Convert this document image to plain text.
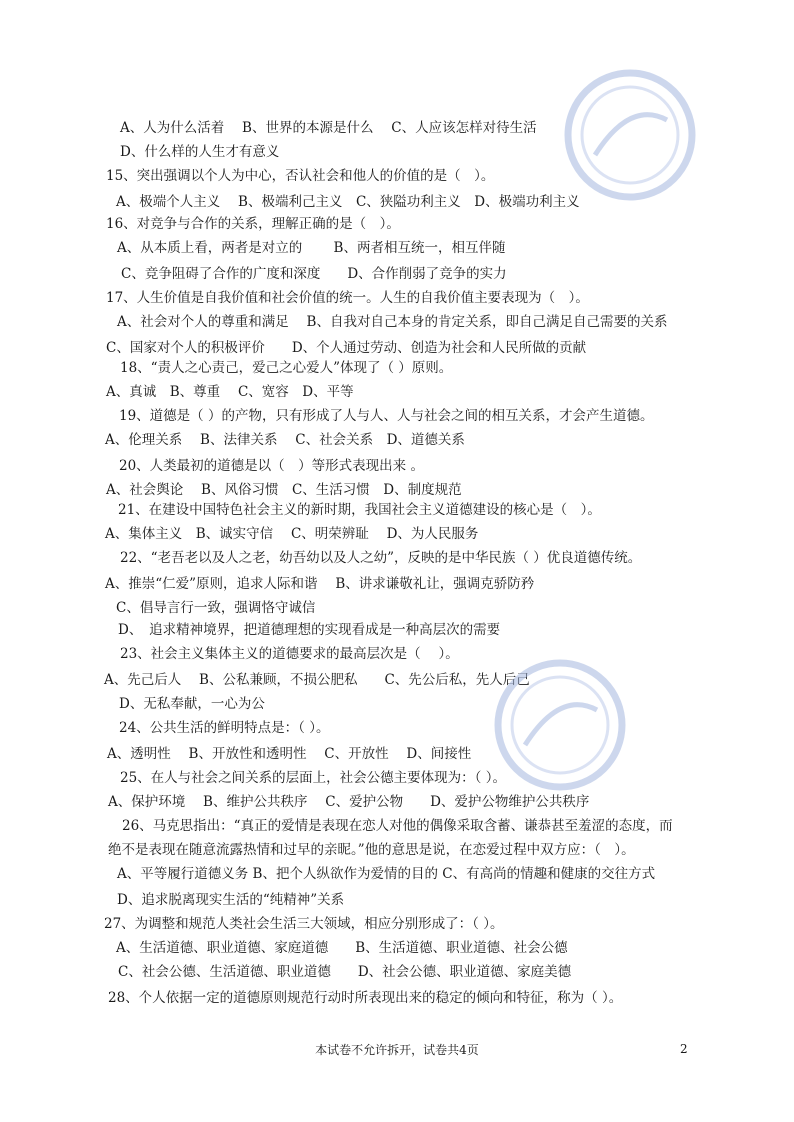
A、人为什么活着　 B、世界的本源是什么　 C、人应该怎样对待生活
D、什么样的人生才有意义
15、突出强调以个人为中心，否认社会和他人的价值的是（　）。
A、极端个人主义　 B、极端利己主义　C、狭隘功利主义　D、极端功利主义
16、对竞争与合作的关系，理解正确的是（　）。
A、从本质上看，两者是对立的　　 B、两者相互统一，相互伴随
C、竞争阻碍了合作的广度和深度　　D、合作削弱了竞争的实力
17、人生价值是自我价值和社会价值的统一。人生的自我价值主要表现为（　）。
A、社会对个人的尊重和满足　 B、自我对自己本身的肯定关系，即自己满足自己需要的关系
C、国家对个人的积极评价　　D、个人通过劳动、创造为社会和人民所做的贡献
18、“责人之心责己，爱己之心爱人”体现了（ ）原则。
A、真诚　B、尊重　 C、宽容　D、平等
19、道德是（ ）的产物，只有形成了人与人、人与社会之间的相互关系，才会产生道德。
A、伦理关系　 B、法律关系　 C、社会关系　D、道德关系
20、人类最初的道德是以（　）等形式表现出来 。
A、社会舆论　 B、风俗习惯　C、生活习惯　D、制度规范
21、在建设中国特色社会主义的新时期，我国社会主义道德建设的核心是（　）。
A、集体主义　B、诚实守信　 C、明荣辨耻　 D、为人民服务
22、“老吾老以及人之老，幼吾幼以及人之幼”，反映的是中华民族（ ）优良道德传统。
A、推崇“仁爱”原则，追求人际和谐　 B、讲求谦敬礼让，强调克骄防矜
C、倡导言行一致，强调恪守诚信
D、　追求精神境界，把道德理想的实现看成是一种高层次的需要
23、社会主义集体主义的道德要求的最高层次是（　 ）。
A、先己后人　 B、公私兼顾，不损公肥私　　C、先公后私，先人后己
D、无私奉献，一心为公
24、公共生活的鲜明特点是：（ ）。
A、透明性　 B、开放性和透明性　 C、开放性　 D、间接性
25、在人与社会之间关系的层面上，社会公德主要体现为：（ ）。
A、保护环境　 B、维护公共秩序　 C、爱护公物　　D、爱护公物维护公共秩序
26、马克思指出：“真正的爱情是表现在恋人对他的偶像采取含蓄、谦恭甚至羞涩的态度，而
绝不是表现在随意流露热情和过早的亲昵。”他的意思是说，在恋爱过程中双方应：（　）。
A、平等履行道德义务 B、把个人纵欲作为爱情的目的 C、有高尚的情趣和健康的交往方式
D、追求脱离现实生活的“纯精神”关系
27、为调整和规范人类社会生活三大领域，相应分别形成了：（ ）。
A、生活道德、职业道德、家庭道德　　B、生活道德、职业道德、社会公德
C、社会公德、生活道德、职业道德　　D、社会公德、职业道德、家庭美德
28、个人依据一定的道德原则规范行动时所表现出来的稳定的倾向和特征，称为（ ）。
本试卷不允许拆开，试卷共4页	2
